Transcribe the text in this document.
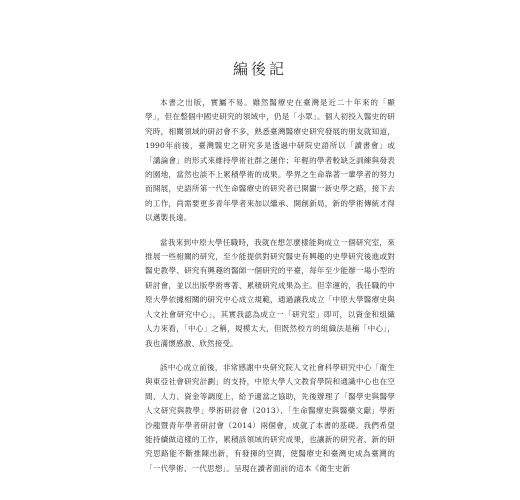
編後記

本書之出版，實屬不易。雖然醫療史在臺灣是近二十年來的「顯學」，但在整個中國史研究的領域中，仍是「小眾」。個人初投入醫史的研究時，相關領域的研討會不多，熟悉臺灣醫療史研究發展的朋友就知道，1990年前後，臺灣醫史之研究多是透過中研院史語所以「讀書會」或「講論會」的形式來維持學術社群之運作；年輕的學者較缺乏訓練與發表的園地，當然也談不上累積學術的成果。學界之生命靠著一輩學者的努力而開展，史語所第一代生命醫療史的研究者已開闢一新史學之路，接下去的工作，尚需要更多青年學者來加以繼承、開創新局，新的學術傳統才得以邁製長遠。

當我來到中原大學任職時，我就在想怎麼樣能夠成立一個研究室，來推展一些相關的研究，至少能提供對研究醫史有興趣的史學研究後進或對醫史教學、研究有興趣的醫師一個研究的平臺，每年至少能辦一場小型的研討會，並以出版學術專著、累積研究成果為主。但幸運的，我任職的中原大學依據相關的研究中心成立規範，通過讓我成立「中原大學醫療史與人文社會研究中心」，其實我認為成立一「研究室」即可，以資金和組織人力來看，「中心」之稱，規模太大，但既然校方的組織法是稱「中心」，我也滿懷感激、欣然接受。

該中心成立前後，非常感謝中央研究院人文社會科學研究中心「衛生與東亞社會研究計劃」的支持，中原大學人文教育學院和通識中心也在空間、人力、資金等調度上，給予適當之協助，先後辦理了「醫學史與醫學人文研究與教學」學術研討會（2013）、「生命醫療史與醫藥文獻」學術沙龍暨青年學者研討會（2014）兩個會，成就了本書的基礎。我們希望能持續做這樣的工作，累積該領域的研究成果，也讓新的研究者、新的研究思路能不斷推陳出新，有發揮的空間，使醫療史和臺灣史成為臺灣的「一代學術、一代思想」。呈現在讀者面前的這本《衛生史新
